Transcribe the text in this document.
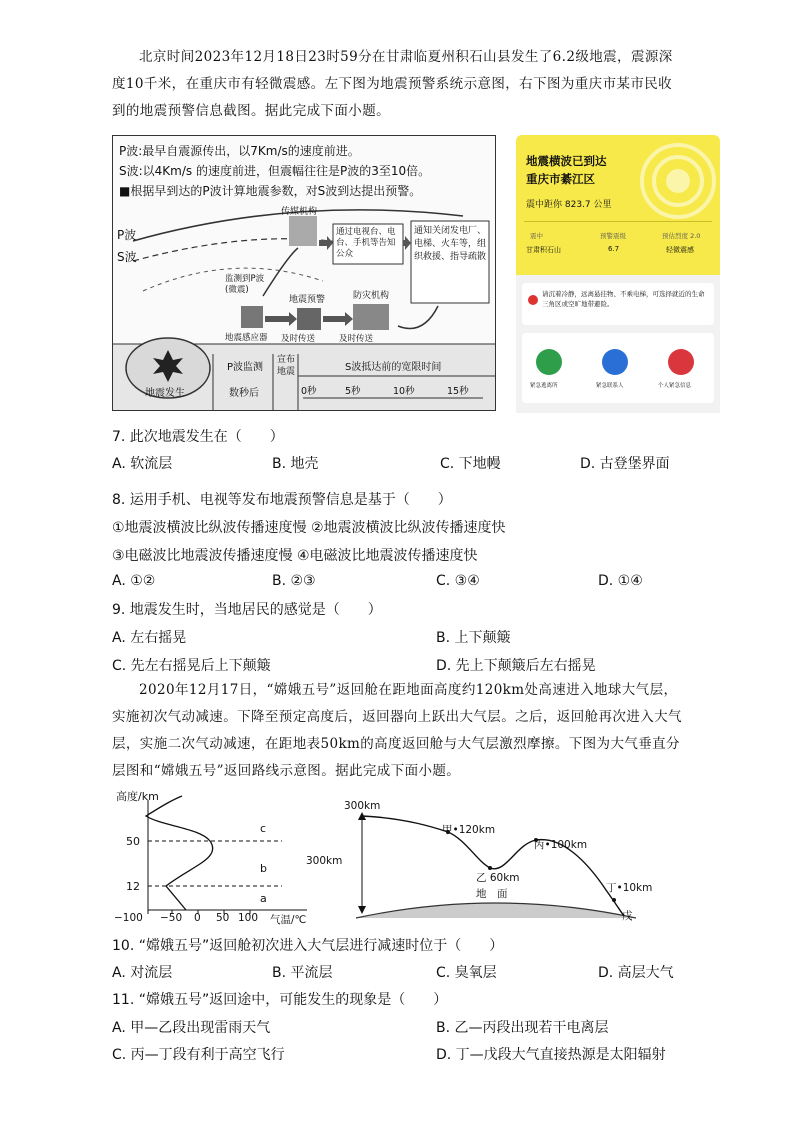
北京时间2023年12月18日23时59分在甘肃临夏州积石山县发生了6.2级地震，震源深度10千米，在重庆市有轻微震感。左下图为地震预警系统示意图，右下图为重庆市某市民收到的地震预警信息截图。据此完成下面小题。
P波:最早自震源传出，以7Km/s的速度前进。
S波:以4Km/s 的速度前进，但震幅往往是P波的3至10倍。
■根据早到达的P波计算地震参数，对S波到达提出预警。
P波
S波
传媒机构
通过电视台、电台、手机等告知公众
通知关闭发电厂、电梯、火车等，组织救援、指导疏散
监测到P波(微震)
地震预警	防灾机构
地震感应器 及时传送	及时传送
地震发生
P波监测
数秒后
宣布地震	S波抵达前的宽限时间
0秒	5秒	10秒	15秒
地震横波已到达
重庆市綦江区
震中距你 823.7 公里
震中
甘肃积石山
预警震级
6.7
预估烈度 2.0
轻微震感
请沉着冷静，远离悬挂物、不乘电梯，可选择就近的生命三角区或空旷地带避险。
紧急逃离所	紧急联系人	个人紧急信息
7. 此次地震发生在（　　）
A. 软流层	B. 地壳	C. 下地幔	D. 古登堡界面
8. 运用手机、电视等发布地震预警信息是基于（　　）
①地震波横波比纵波传播速度慢 ②地震波横波比纵波传播速度快
③电磁波比地震波传播速度慢 ④电磁波比地震波传播速度快
A. ①②	B. ②③	C. ③④	D. ①④
9. 地震发生时，当地居民的感觉是（　　）
A. 左右摇晃	B. 上下颠簸
C. 先左右摇晃后上下颠簸	D. 先上下颠簸后左右摇晃
2020年12月17日，“嫦娥五号”返回舱在距地面高度约120km处高速进入地球大气层，实施初次气动减速。下降至预定高度后，返回器向上跃出大气层。之后，返回舱再次进入大气层，实施二次气动减速，在距地表50km的高度返回舱与大气层激烈摩擦。下图为大气垂直分层图和“嫦娥五号”返回路线示意图。据此完成下面小题。
高度/km
50
12
c
b
a
−100 −50 0 50 100 气温/℃
300km
300km
甲•120km
乙 60km
丙•100km
丁•10km
戊
地　面
10. “嫦娥五号”返回舱初次进入大气层进行减速时位于（　　）
A. 对流层	B. 平流层	C. 臭氧层	D. 高层大气
11. “嫦娥五号”返回途中，可能发生的现象是（　　）
A. 甲—乙段出现雷雨天气	B. 乙—丙段出现若干电离层
C. 丙—丁段有利于高空飞行	D. 丁—戊段大气直接热源是太阳辐射
